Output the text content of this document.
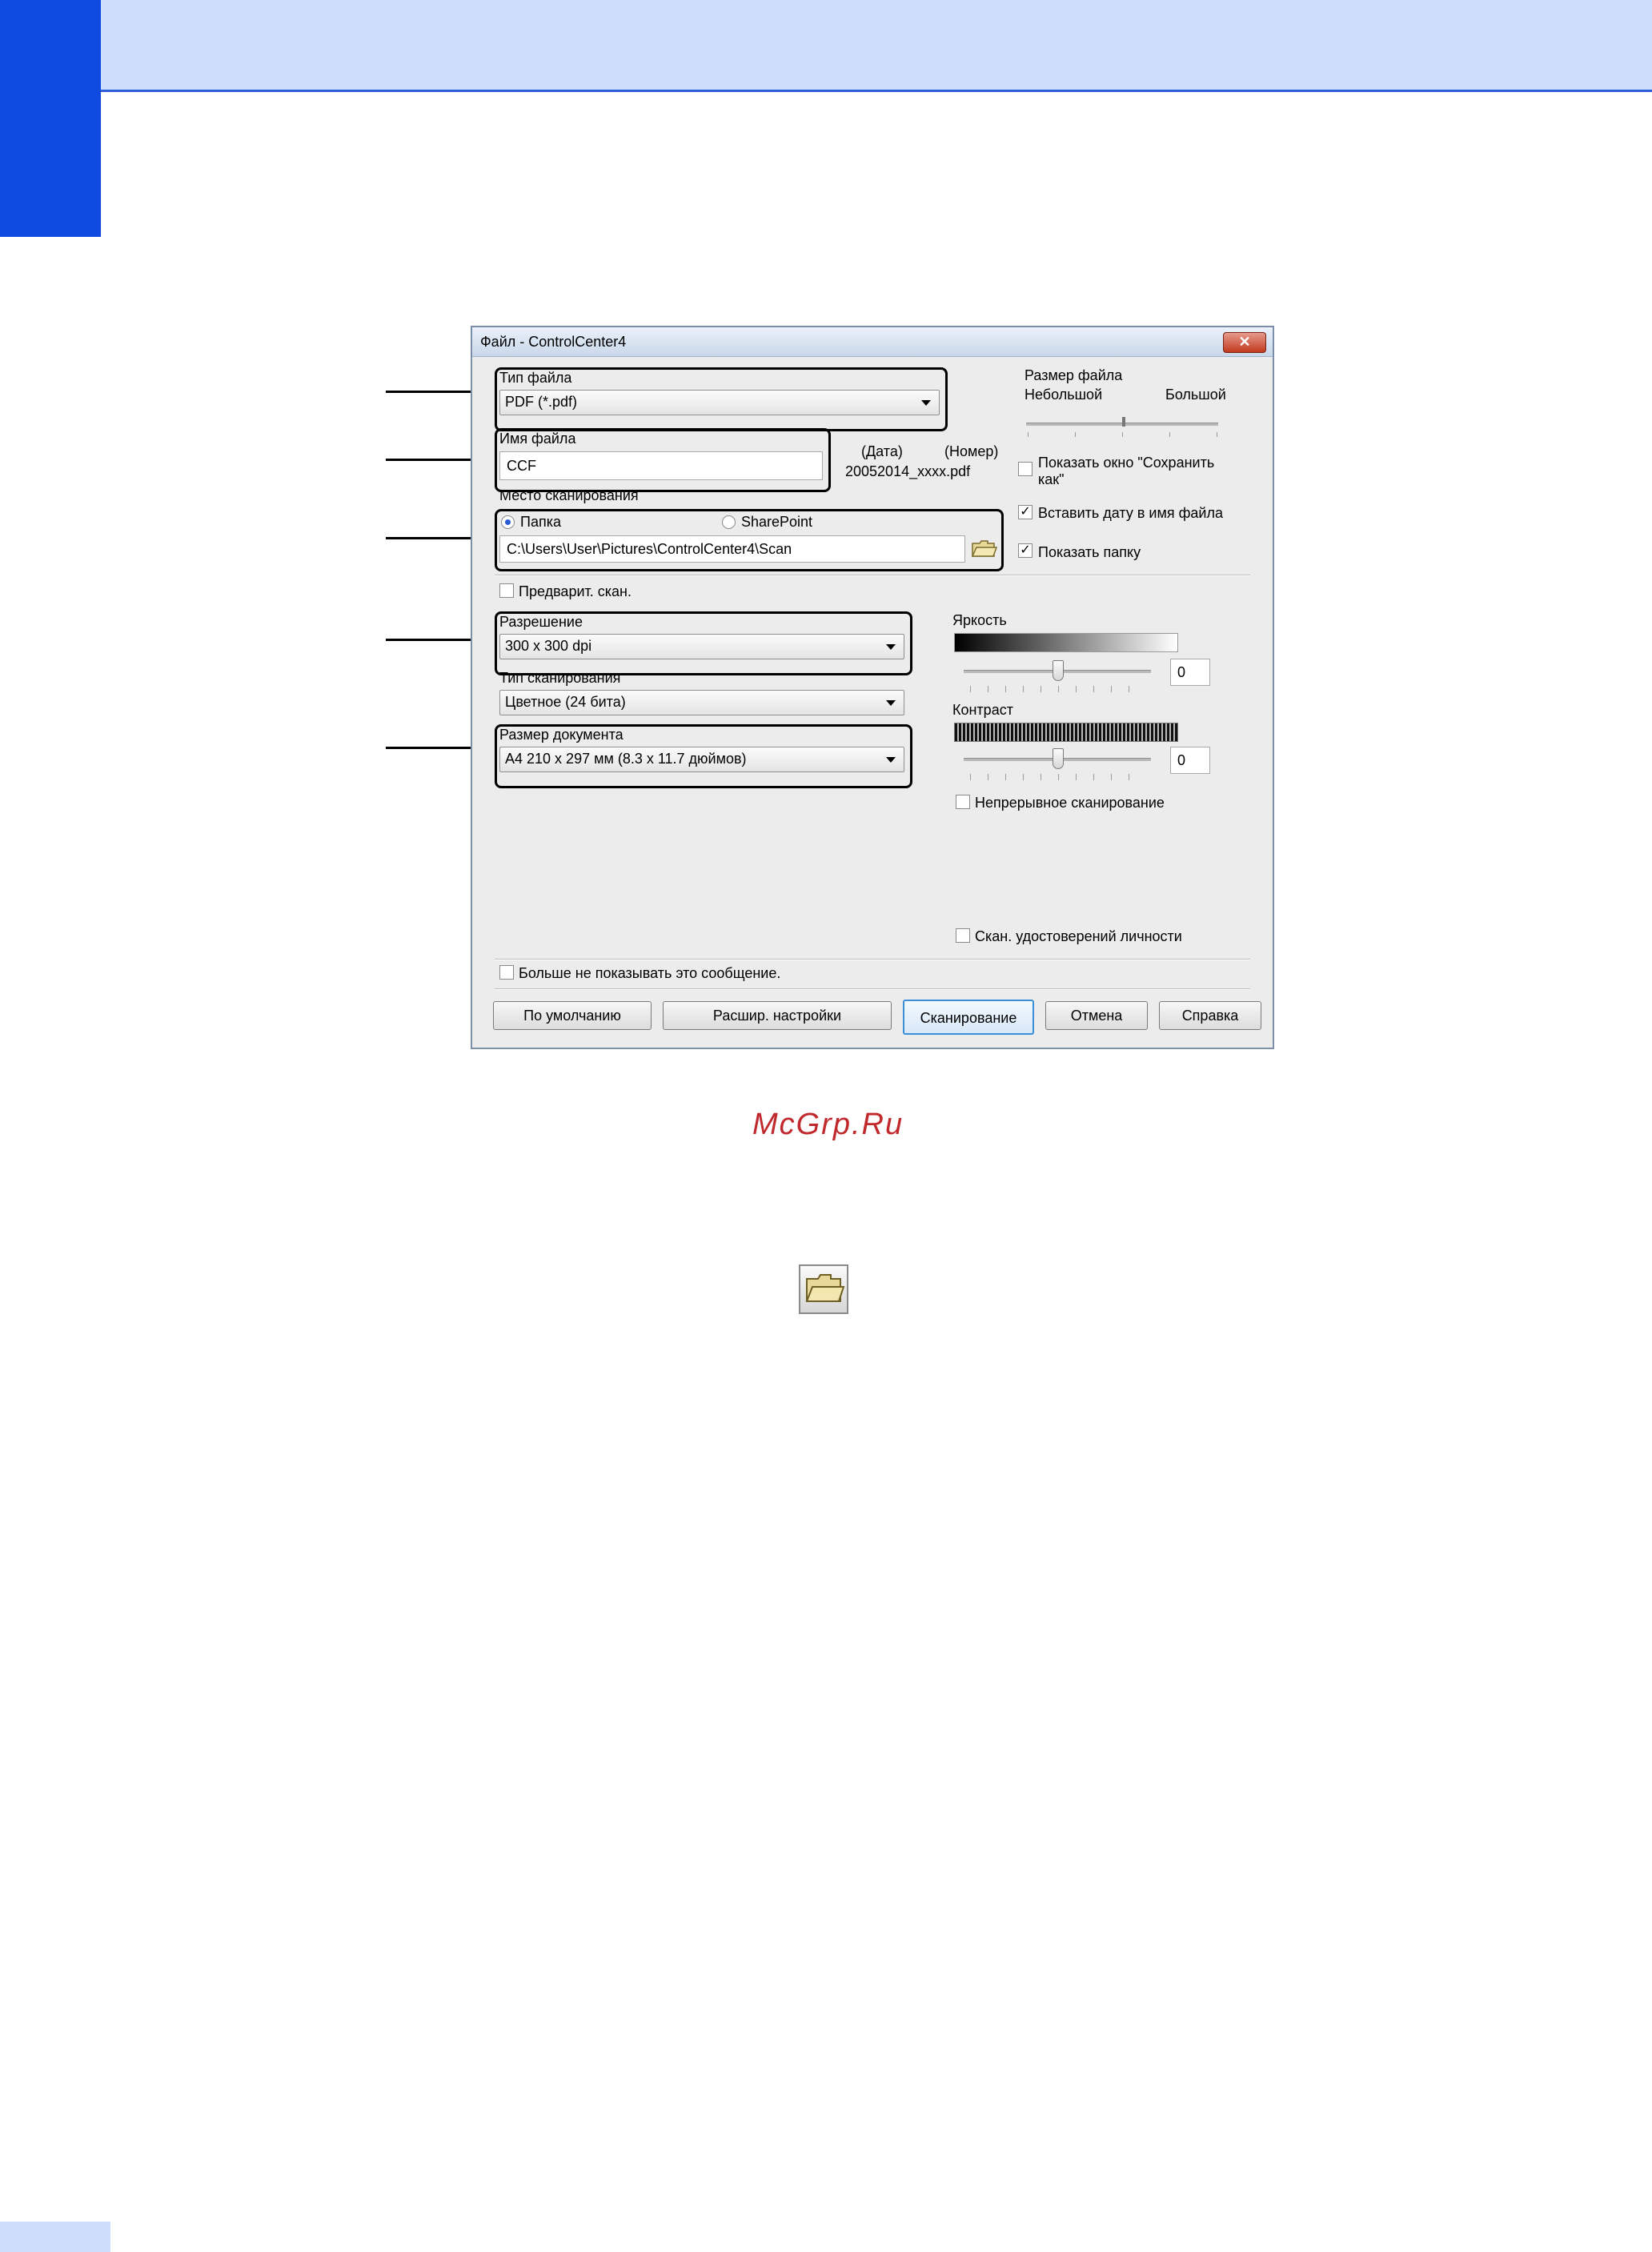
Файл - ControlCenter4	✕
Тип файла
PDF (*.pdf)
Размер файла
Небольшой	Большой
Имя файла
CCF
(Дата)	(Номер)
20052014_xxxx.pdf
Показать окно "Сохранить
как"
✓ Вставить дату в имя файла
✓ Показать папку
Место сканирования
Папка	SharePoint
C:\Users\User\Pictures\ControlCenter4\Scan
Предварит. скан.
Разрешение
300 x 300 dpi
Тип сканирования
Цветное (24 бита)
Размер документа
A4 210 x 297 мм (8.3 x 11.7 дюймов)
Яркость
0
Контраст
0
Непрерывное сканирование
Скан. удостоверений личности
Больше не показывать это сообщение.
По умолчанию	Расшир. настройки	Сканирование	Отмена	Справка
McGrp.Ru
